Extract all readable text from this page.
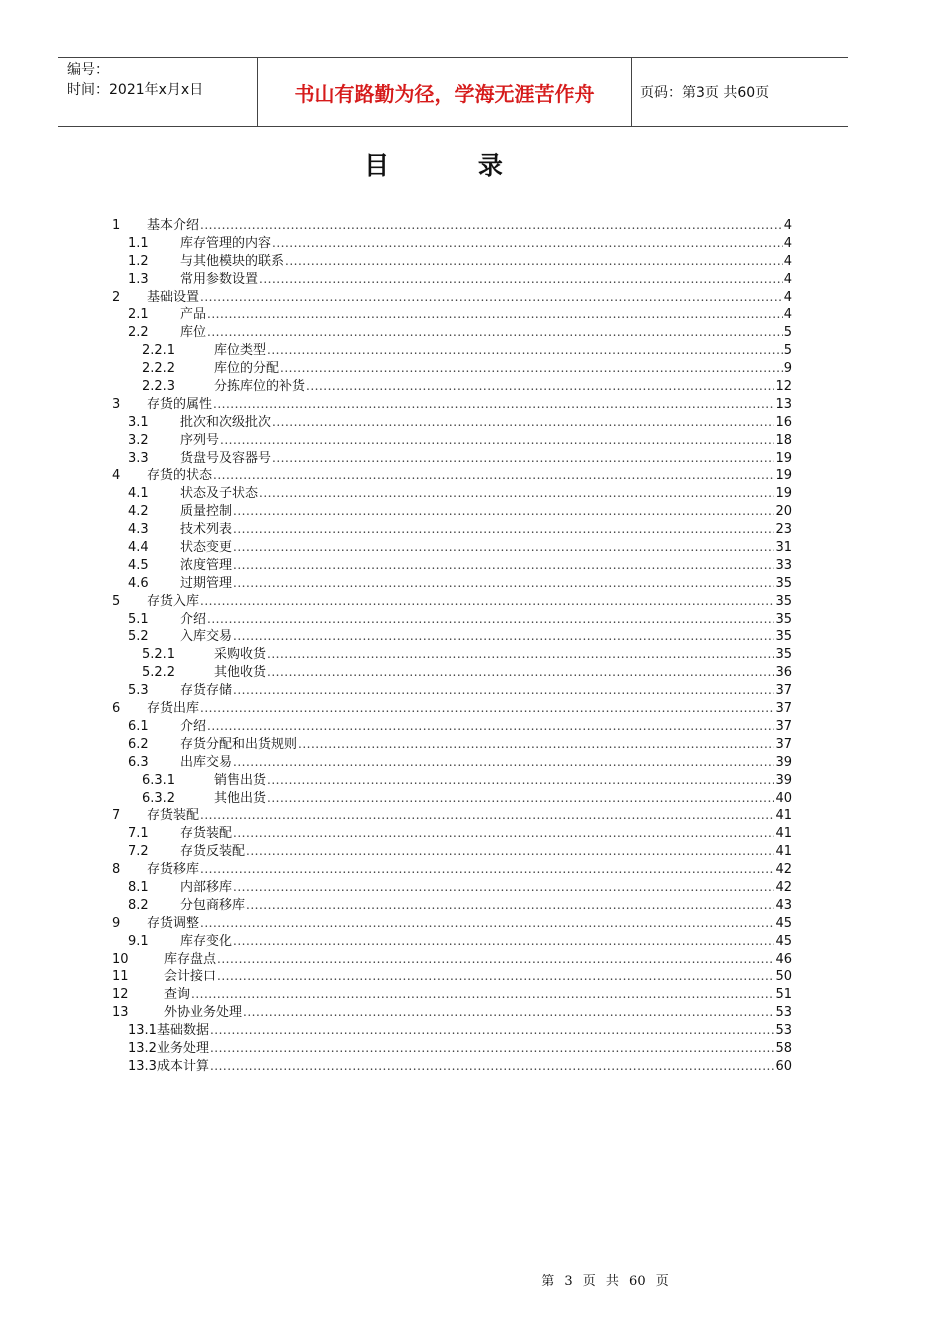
编号：
时间：2021年x月x日	书山有路勤为径，学海无涯苦作舟	页码：第3页 共60页
目 录
1	基本介绍 .....	4
1.1	库存管理的内容 .....	4
1.2	与其他模块的联系 .....	4
1.3	常用参数设置 .....	4
2	基础设置 .....	4
2.1	产品 .....	4
2.2	库位 .....	5
2.2.1	库位类型 .....	5
2.2.2	库位的分配 .....	9
2.2.3	分拣库位的补货 .....	12
3	存货的属性 .....	13
3.1	批次和次级批次 .....	16
3.2	序列号 .....	18
3.3	货盘号及容器号 .....	19
4	存货的状态 .....	19
4.1	状态及子状态 .....	19
4.2	质量控制 .....	20
4.3	技术列表 .....	23
4.4	状态变更 .....	31
4.5	浓度管理 .....	33
4.6	过期管理 .....	35
5	存货入库 .....	35
5.1	介绍 .....	35
5.2	入库交易 .....	35
5.2.1	采购收货 .....	35
5.2.2	其他收货 .....	36
5.3	存货存储 .....	37
6	存货出库 .....	37
6.1	介绍 .....	37
6.2	存货分配和出货规则 .....	37
6.3	出库交易 .....	39
6.3.1	销售出货 .....	39
6.3.2	其他出货 .....	40
7	存货装配 .....	41
7.1	存货装配 .....	41
7.2	存货反装配 .....	41
8	存货移库 .....	42
8.1	内部移库 .....	42
8.2	分包商移库 .....	43
9	存货调整 .....	45
9.1	库存变化 .....	45
10	库存盘点 .....	46
11	会计接口 .....	50
12	查询 .....	51
13	外协业务处理 .....	53
13.1 基础数据 .....	53
13.2 业务处理 .....	58
13.3 成本计算 .....	60
第 3 页 共 60 页
